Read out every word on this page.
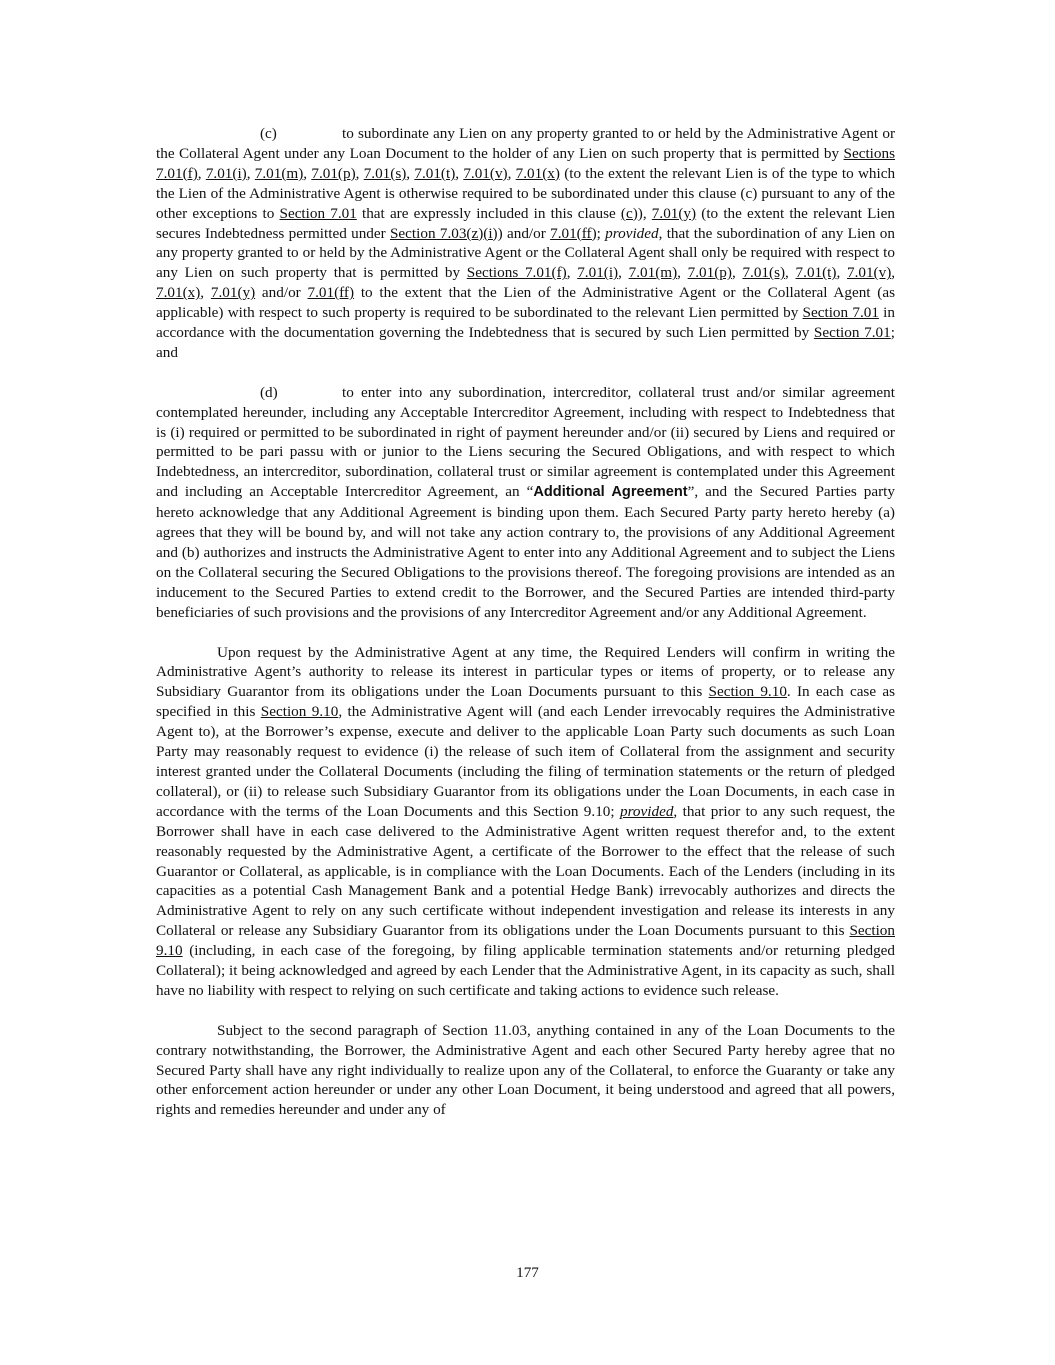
(c)	to subordinate any Lien on any property granted to or held by the Administrative Agent or the Collateral Agent under any Loan Document to the holder of any Lien on such property that is permitted by Sections 7.01(f), 7.01(i), 7.01(m), 7.01(p), 7.01(s), 7.01(t), 7.01(v), 7.01(x) (to the extent the relevant Lien is of the type to which the Lien of the Administrative Agent is otherwise required to be subordinated under this clause (c) pursuant to any of the other exceptions to Section 7.01 that are expressly included in this clause (c)), 7.01(y) (to the extent the relevant Lien secures Indebtedness permitted under Section 7.03(z)(i)) and/or 7.01(ff); provided, that the subordination of any Lien on any property granted to or held by the Administrative Agent or the Collateral Agent shall only be required with respect to any Lien on such property that is permitted by Sections 7.01(f), 7.01(i), 7.01(m), 7.01(p), 7.01(s), 7.01(t), 7.01(v), 7.01(x), 7.01(y) and/or 7.01(ff) to the extent that the Lien of the Administrative Agent or the Collateral Agent (as applicable) with respect to such property is required to be subordinated to the relevant Lien permitted by Section 7.01 in accordance with the documentation governing the Indebtedness that is secured by such Lien permitted by Section 7.01; and

(d)	to enter into any subordination, intercreditor, collateral trust and/or similar agreement contemplated hereunder, including any Acceptable Intercreditor Agreement, including with respect to Indebtedness that is (i) required or permitted to be subordinated in right of payment hereunder and/or (ii) secured by Liens and required or permitted to be pari passu with or junior to the Liens securing the Secured Obligations, and with respect to which Indebtedness, an intercreditor, subordination, collateral trust or similar agreement is contemplated under this Agreement and including an Acceptable Intercreditor Agreement, an “Additional Agreement”, and the Secured Parties party hereto acknowledge that any Additional Agreement is binding upon them. Each Secured Party party hereto hereby (a) agrees that they will be bound by, and will not take any action contrary to, the provisions of any Additional Agreement and (b) authorizes and instructs the Administrative Agent to enter into any Additional Agreement and to subject the Liens on the Collateral securing the Secured Obligations to the provisions thereof. The foregoing provisions are intended as an inducement to the Secured Parties to extend credit to the Borrower, and the Secured Parties are intended third-party beneficiaries of such provisions and the provisions of any Intercreditor Agreement and/or any Additional Agreement.

Upon request by the Administrative Agent at any time, the Required Lenders will confirm in writing the Administrative Agent’s authority to release its interest in particular types or items of property, or to release any Subsidiary Guarantor from its obligations under the Loan Documents pursuant to this Section 9.10. In each case as specified in this Section 9.10, the Administrative Agent will (and each Lender irrevocably requires the Administrative Agent to), at the Borrower’s expense, execute and deliver to the applicable Loan Party such documents as such Loan Party may reasonably request to evidence (i) the release of such item of Collateral from the assignment and security interest granted under the Collateral Documents (including the filing of termination statements or the return of pledged collateral), or (ii) to release such Subsidiary Guarantor from its obligations under the Loan Documents, in each case in accordance with the terms of the Loan Documents and this Section 9.10; provided, that prior to any such request, the Borrower shall have in each case delivered to the Administrative Agent written request therefor and, to the extent reasonably requested by the Administrative Agent, a certificate of the Borrower to the effect that the release of such Guarantor or Collateral, as applicable, is in compliance with the Loan Documents. Each of the Lenders (including in its capacities as a potential Cash Management Bank and a potential Hedge Bank) irrevocably authorizes and directs the Administrative Agent to rely on any such certificate without independent investigation and release its interests in any Collateral or release any Subsidiary Guarantor from its obligations under the Loan Documents pursuant to this Section 9.10 (including, in each case of the foregoing, by filing applicable termination statements and/or returning pledged Collateral); it being acknowledged and agreed by each Lender that the Administrative Agent, in its capacity as such, shall have no liability with respect to relying on such certificate and taking actions to evidence such release.

Subject to the second paragraph of Section 11.03, anything contained in any of the Loan Documents to the contrary notwithstanding, the Borrower, the Administrative Agent and each other Secured Party hereby agree that no Secured Party shall have any right individually to realize upon any of the Collateral, to enforce the Guaranty or take any other enforcement action hereunder or under any other Loan Document, it being understood and agreed that all powers, rights and remedies hereunder and under any of

177
